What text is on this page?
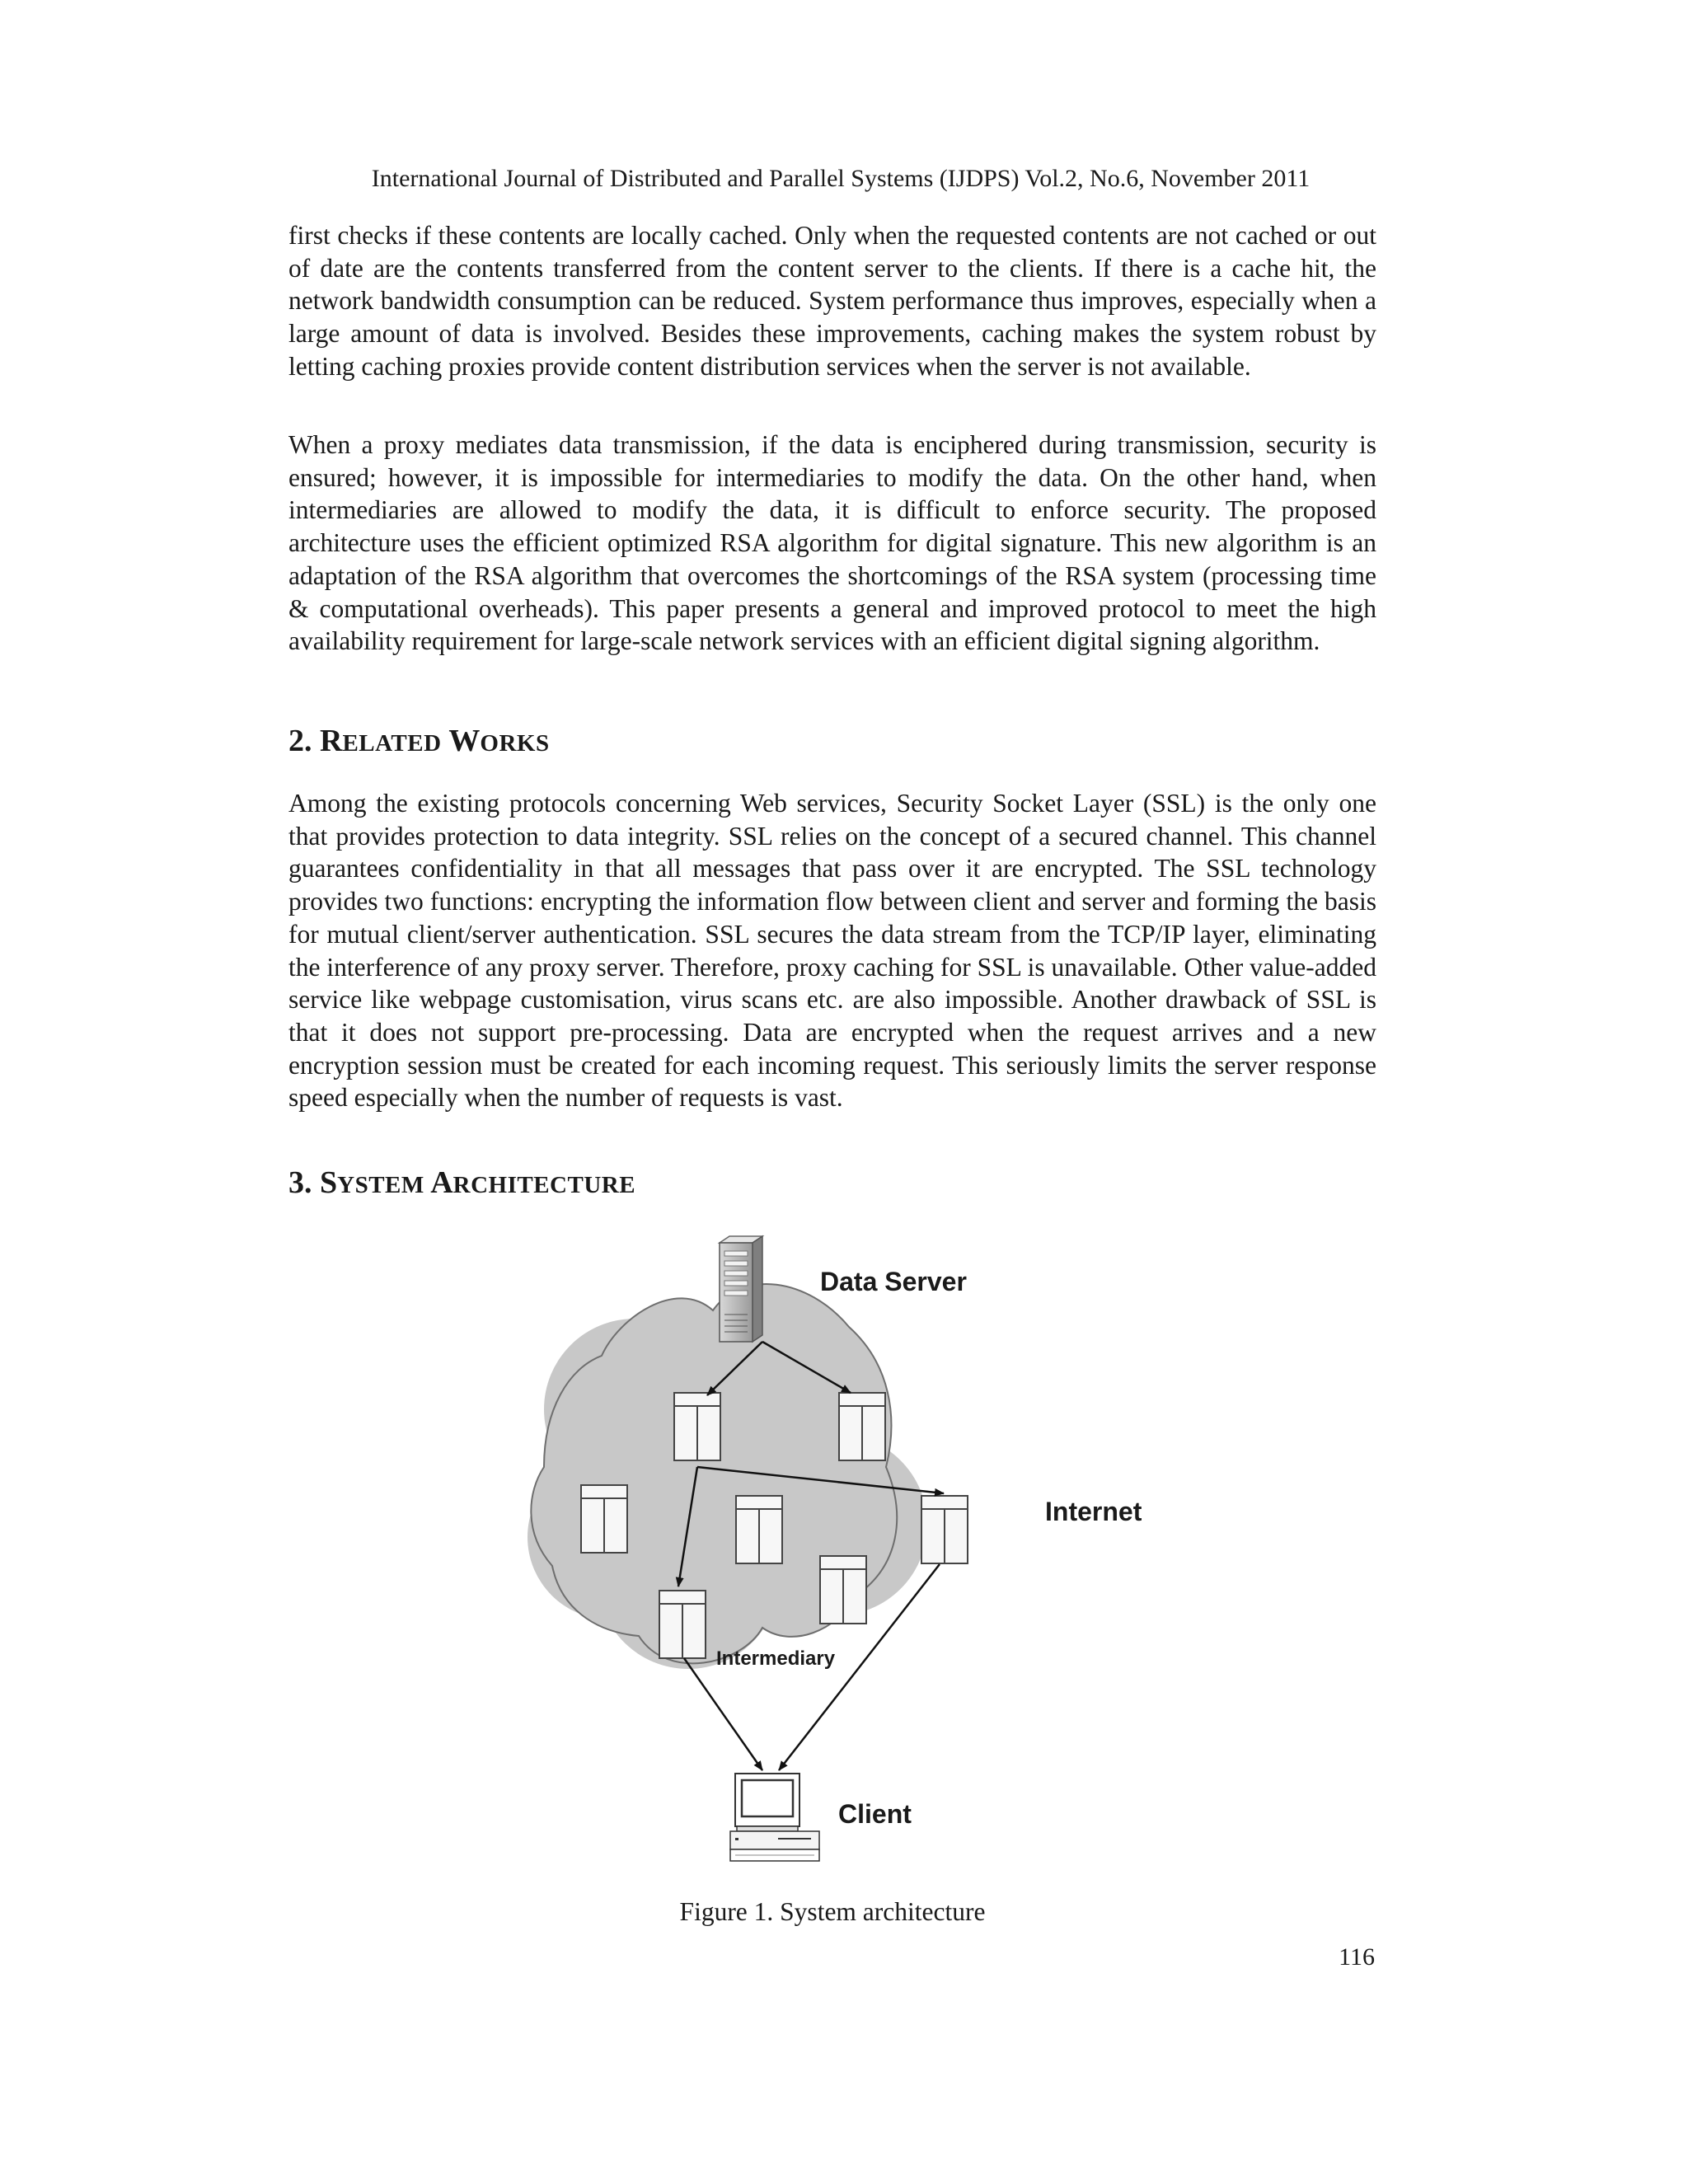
International Journal of Distributed and Parallel Systems (IJDPS) Vol.2, No.6, November 2011

first checks if these contents are locally cached. Only when the requested contents are not cached or out of date are the contents transferred from the content server to the clients. If there is a cache hit, the network bandwidth consumption can be reduced. System performance thus improves, especially when a large amount of data is involved. Besides these improvements, caching makes the system robust by letting caching proxies provide content distribution services when the server is not available.

When a proxy mediates data transmission, if the data is enciphered during transmission, security is ensured; however, it is impossible for intermediaries to modify the data. On the other hand, when intermediaries are allowed to modify the data, it is difficult to enforce security. The proposed architecture uses the efficient optimized RSA algorithm for digital signature. This new algorithm is an adaptation of the RSA algorithm that overcomes the shortcomings of the RSA system (processing time & computational overheads). This paper presents a general and improved protocol to meet the high availability requirement for large-scale network services with an efficient digital signing algorithm.

2. RELATED WORKS

Among the existing protocols concerning Web services, Security Socket Layer (SSL) is the only one that provides protection to data integrity. SSL relies on the concept of a secured channel. This channel guarantees confidentiality in that all messages that pass over it are encrypted. The SSL technology provides two functions: encrypting the information flow between client and server and forming the basis for mutual client/server authentication. SSL secures the data stream from the TCP/IP layer, eliminating the interference of any proxy server. Therefore, proxy caching for SSL is unavailable. Other value-added service like webpage customisation, virus scans etc. are also impossible. Another drawback of SSL is that it does not support pre-processing. Data are encrypted when the request arrives and a new encryption session must be created for each incoming request. This seriously limits the server response speed especially when the number of requests is vast.

3. SYSTEM ARCHITECTURE
Data Server
Internet
Intermediary
Client
Figure 1. System architecture
116
